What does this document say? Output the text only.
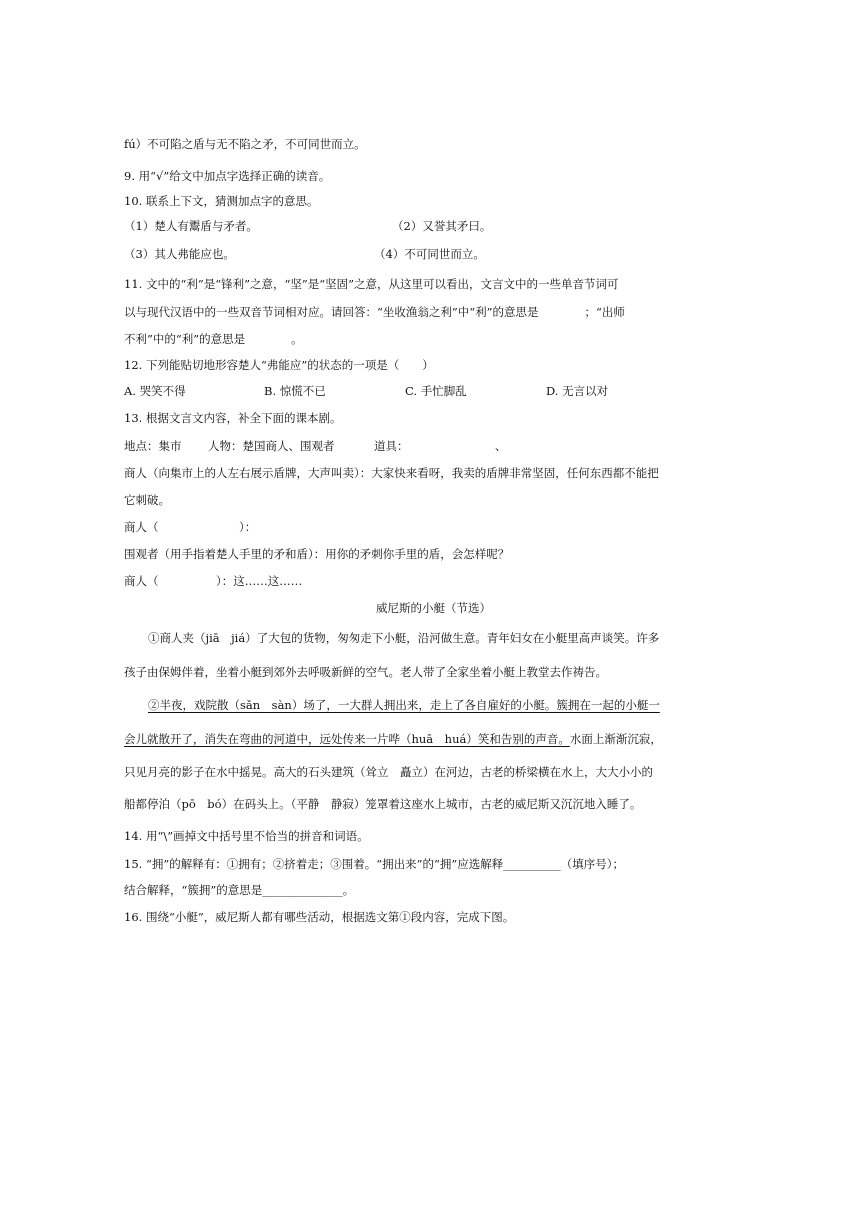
fú）不可陷之盾与无不陷之矛，不可同世而立。
9. 用“√”给文中加点字选择正确的读音。
10. 联系上下文，猜测加点字的意思。
（1）楚人有鬻盾与矛者。	（2）又誉其矛曰。
（3）其人弗能应也。	（4）不可同世而立。
11. 文中的“利”是“锋利”之意，“坚”是“坚固”之意，从这里可以看出，文言文中的一些单音节词可
以与现代汉语中的一些双音节词相对应。请回答：“坐收渔翁之利”中“利”的意思是　　　　；“出师
不利”中的“利”的意思是　　　　。
12. 下列能贴切地形容楚人“弗能应”的状态的一项是（　　）
A. 哭笑不得	B. 惊慌不已	C. 手忙脚乱	D. 无言以对
13. 根据文言文内容，补全下面的课本剧。
地点：集市 人物：楚国商人、围观者	道具：	、
商人（向集市上的人左右展示盾牌，大声叫卖）：大家快来看呀，我卖的盾牌非常坚固，任何东西都不能把
它刺破。
商人（　　　　　　　）：
围观者（用手指着楚人手里的矛和盾）：用你的矛刺你手里的盾，会怎样呢？
商人（　　　　　）：这……这……
威尼斯的小艇（节选）
①商人夹（jiā　jiá）了大包的货物，匆匆走下小艇，沿河做生意。青年妇女在小艇里高声谈笑。许多
孩子由保姆伴着，坐着小艇到郊外去呼吸新鲜的空气。老人带了全家坐着小艇上教堂去作祷告。
②半夜，戏院散（sǎn　sàn）场了，一大群人拥出来，走上了各自雇好的小艇。簇拥在一起的小艇一
会儿就散开了，消失在弯曲的河道中，远处传来一片哗（huā　huá）笑和告别的声音。水面上渐渐沉寂，
只见月亮的影子在水中摇晃。高大的石头建筑（耸立　矗立）在河边，古老的桥梁横在水上，大大小小的
船都停泊（pō　bó）在码头上。（平静　静寂）笼罩着这座水上城市，古老的威尼斯又沉沉地入睡了。
14. 用“\”画掉文中括号里不恰当的拼音和词语。
15. “拥”的解释有：①拥有；②挤着走；③围着。“拥出来”的“拥”应选解释__________（填序号）；
结合解释，“簇拥”的意思是______________。
16. 围绕“小艇”，威尼斯人都有哪些活动，根据选文第①段内容，完成下图。
